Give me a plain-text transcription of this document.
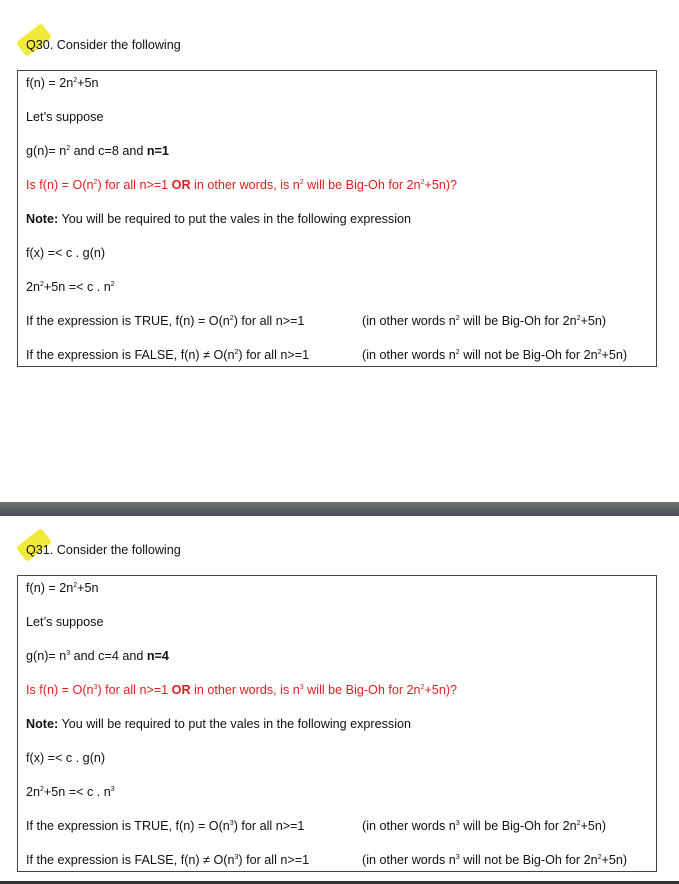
Q30. Consider the following
$f(n) = 2n^2+5n$
Let’s suppose
$g(n)= n^2$ and c=8 and n=1
Is $f(n) = O(n^2)$ for all n>=1 OR in other words, is $n^2$ will be Big-Oh for $2n^2+5n$)?
Note: You will be required to put the vales in the following expression
f(x) =< c . g(n)
$2n^2+5n =< c$ . $n^2$
If the expression is TRUE, $f(n) = O(n^2)$ for all n>=1	(in other words $n^2$ will be Big-Oh for $2n^2+5n$)
If the expression is FALSE, $f(n) \ne O(n^2)$ for all n>=1	(in other words $n^2$ will not be Big-Oh for $2n^2+5n$)
Q31. Consider the following
$f(n) = 2n^2+5n$
Let’s suppose
$g(n)= n^3$ and c=4 and n=4
Is $f(n) = O(n^3)$ for all n>=1 OR in other words, is $n^3$ will be Big-Oh for $2n^2+5n$)?
Note: You will be required to put the vales in the following expression
f(x) =< c . g(n)
$2n^2+5n =< c$ . $n^3$
If the expression is TRUE, $f(n) = O(n^3)$ for all n>=1	(in other words $n^3$ will be Big-Oh for $2n^2+5n$)
If the expression is FALSE, $f(n) \ne O(n^3)$ for all n>=1	(in other words $n^3$ will not be Big-Oh for $2n^2+5n$)
